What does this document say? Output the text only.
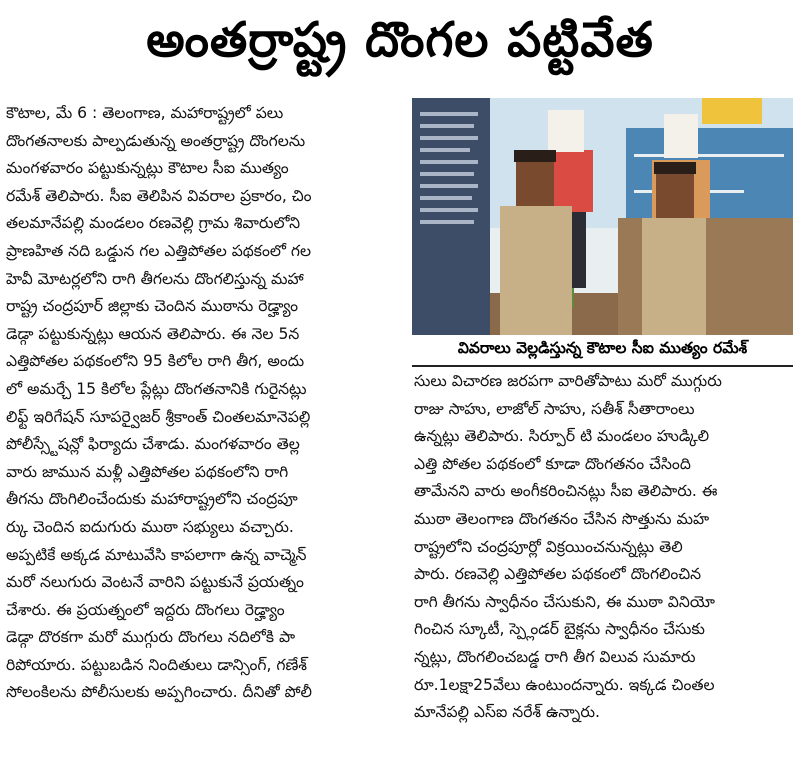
అంతర్రాష్ట్ర దొంగల పట్టివేత

కౌటాల, మే 6 : తెలంగాణ, మహారాష్ట్రలో పలు

దొంగతనాలకు పాల్పడుతున్న అంతర్రాష్ట్ర దొంగలను

మంగళవారం పట్టుకున్నట్లు కౌటాల సీఐ ముత్యం

రమేశ్ తెలిపారు. సీఐ తెలిపిన వివరాల ప్రకారం, చిం

తలమానేపల్లి మండలం రణవెల్లి గ్రామ శివారులోని

ప్రాణహిత నది ఒడ్డున గల ఎత్తిపోతల పథకంలో గల

హెవీ మోటర్లలోని రాగి తీగలను దొంగలిస్తున్న మహా

రాష్ట్ర చంద్రపూర్ జిల్లాకు చెందిన ముఠాను రెడ్హ్యాం

డెడ్గా పట్టుకున్నట్లు ఆయన తెలిపారు. ఈ నెల 5న

ఎత్తిపోతల పథకంలోని 95 కిలోల రాగి తీగ, అందు

లో అమర్చే 15 కిలోల ప్లేట్లు దొంగతనానికి గురైనట్లు

లిఫ్ట్ ఇరిగేషన్ సూపర్వైజర్ శ్రీకాంత్ చింతలమానెపల్లి

పోలీస్స్టేషన్లో ఫిర్యాదు చేశాడు. మంగళవారం తెల్ల

వారు జామున మళ్లీ ఎత్తిపోతల పథకంలోని రాగి

తీగను దొంగిలించేందుకు మహారాష్ట్రలోని చంద్రపూ

ర్కు చెందిన ఐదుగురు ముఠా సభ్యులు వచ్చారు.

అప్పటికే అక్కడ మాటువేసి కాపలాగా ఉన్న వాచ్మెన్

మరో నలుగురు వెంటనే వారిని పట్టుకునే ప్రయత్నం

చేశారు. ఈ ప్రయత్నంలో ఇద్దరు దొంగలు రెడ్హ్యాం

డెడ్గా దొరకగా మరో ముగ్గురు దొంగలు నదిలోకి పా

రిపోయారు. పట్టుబడిన నిందితులు డాన్సింగ్, గణేశ్

సోలంకిలను పోలీసులకు అప్పగించారు. దీనితో పోలీ

వివరాలు వెల్లడిస్తున్న కౌటాల సీఐ ముత్యం రమేశ్

సులు విచారణ జరపగా వారితోపాటు మరో ముగ్గురు

రాజు సాహు, లాజోల్ సాహు, సతీశ్ సీతారాంలు

ఉన్నట్లు తెలిపారు. సిర్పూర్ టి మండలం హుడ్కిలి

ఎత్తి పోతల పథకంలో కూడా దొంగతనం చేసింది

తామేనని వారు అంగీకరించినట్లు సీఐ తెలిపారు. ఈ

ముఠా తెలంగాణ దొంగతనం చేసిన సొత్తును మహ

రాష్ట్రలోని చంద్రపూర్లో విక్రయించనున్నట్లు తెలి

పారు. రణవెల్లి ఎత్తిపోతల పథకంలో దొంగలించిన

రాగి తీగను స్వాధీనం చేసుకుని, ఈ ముఠా వినియో

గించిన స్కూటీ, స్ప్లెండర్ బైక్లను స్వాధీనం చేసుకు

న్నట్లు, దొంగలించబడ్డ రాగి తీగ విలువ సుమారు

రూ.1లక్షా25వేలు ఉంటుందన్నారు. ఇక్కడ చింతల

మానేపల్లి ఎస్ఐ నరేశ్ ఉన్నారు.
